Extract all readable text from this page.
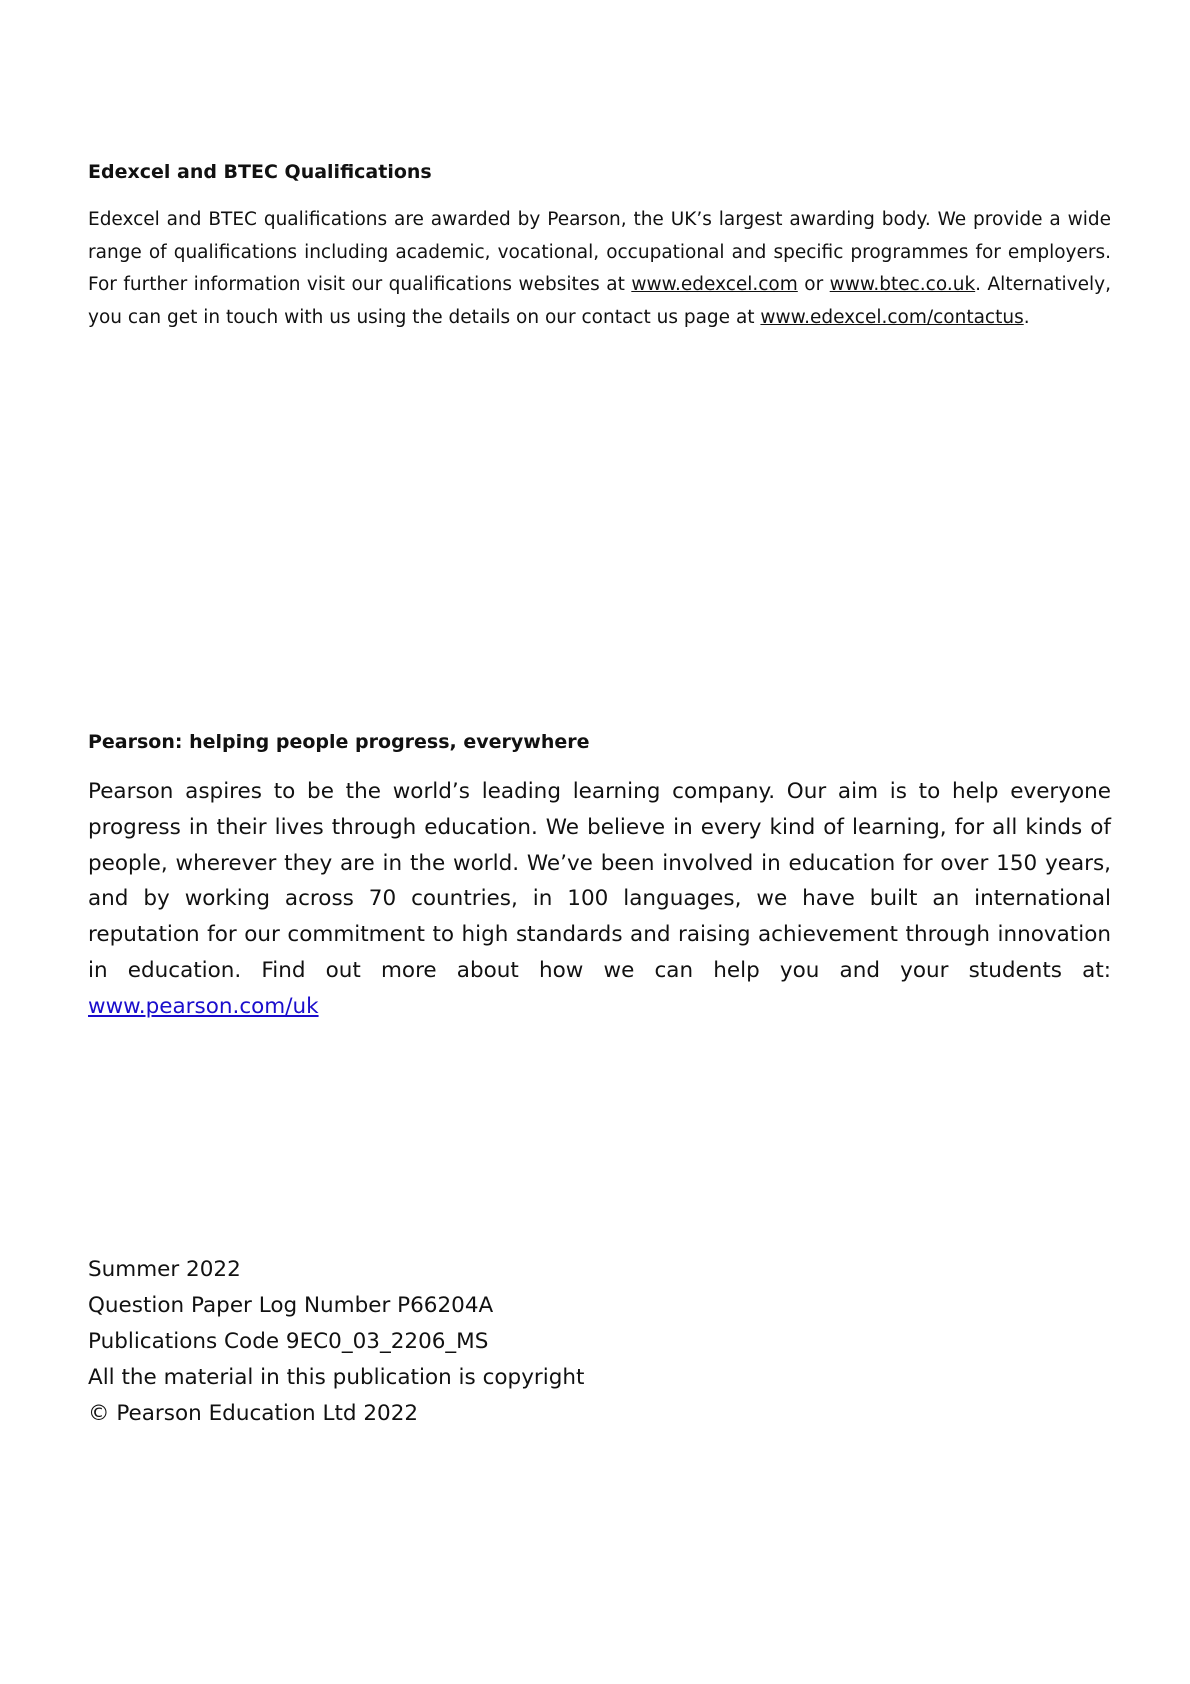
Edexcel and BTEC Qualifications

Edexcel and BTEC qualifications are awarded by Pearson, the UK’s largest awarding body. We provide a wide range of qualifications including academic, vocational, occupational and specific programmes for employers. For further information visit our qualifications websites at www.edexcel.com or www.btec.co.uk. Alternatively, you can get in touch with us using the details on our contact us page at www.edexcel.com/contactus.

Pearson: helping people progress, everywhere

Pearson aspires to be the world’s leading learning company. Our aim is to help everyone progress in their lives through education. We believe in every kind of learning, for all kinds of people, wherever they are in the world. We’ve been involved in education for over 150 years, and by working across 70 countries, in 100 languages, we have built an international reputation for our commitment to high standards and raising achievement through innovation in education. Find out more about how we can help you and your students at: www.pearson.com/uk

Summer 2022
Question Paper Log Number P66204A
Publications Code 9EC0_03_2206_MS
All the material in this publication is copyright
© Pearson Education Ltd 2022
